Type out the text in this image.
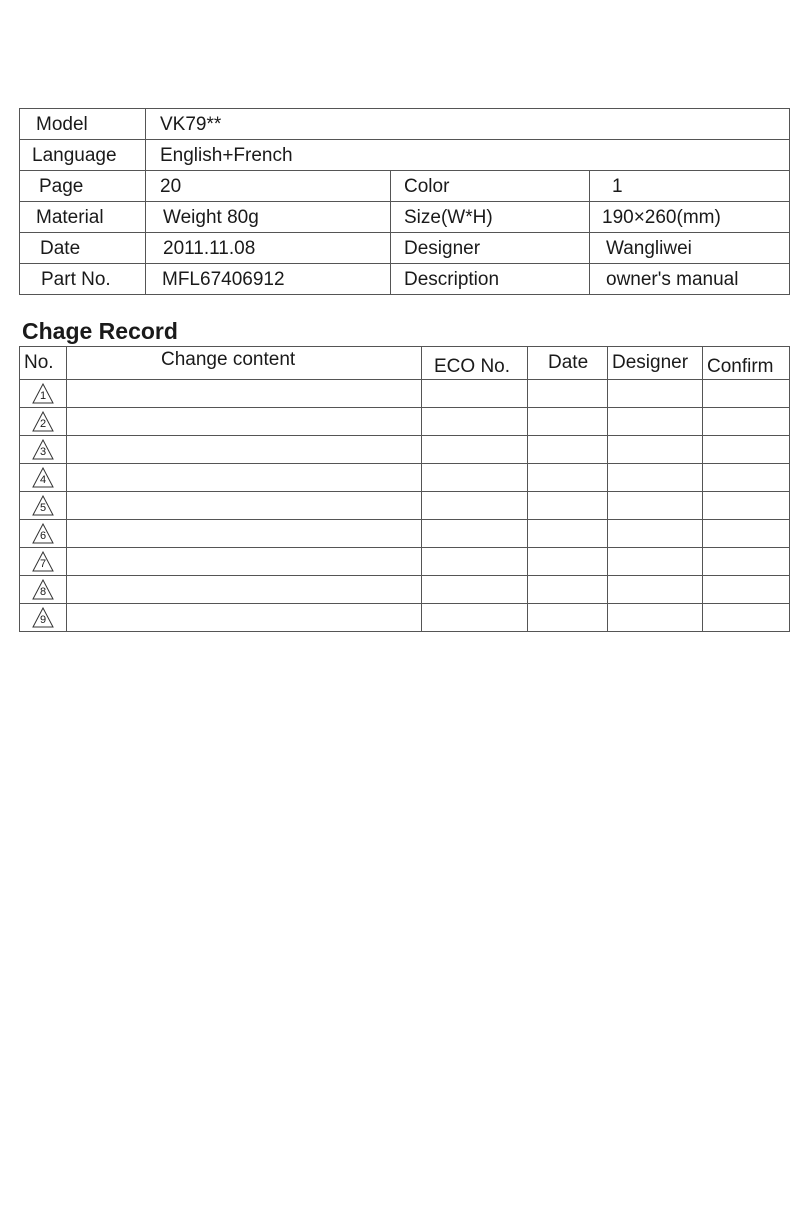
Model	VK79**		
Language	English+French		
Page	20	Color	1
Material	Weight 80g	Size(W*H)	190×260(mm)
Date	2011.11.08	Designer	Wangliwei
Part No.	MFL67406912	Description	owner's manual
Chage Record
No.	Change content	ECO No.	Date	Designer	Confirm

1					

2					

3					

4					

5					

6					

7					

8					

9					
